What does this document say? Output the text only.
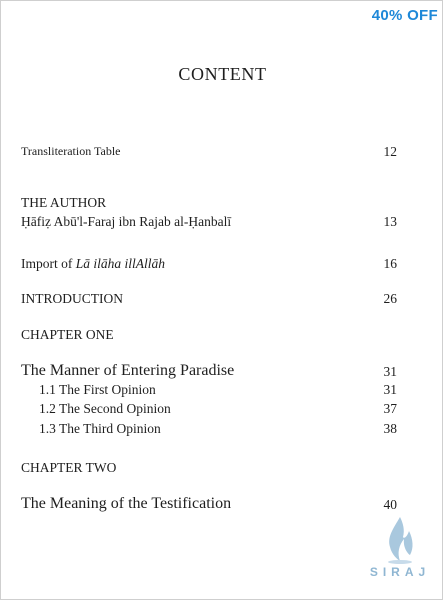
40% OFF
CONTENT
Transliteration Table	12
THE AUTHOR
Ḥāfiẓ Abū'l-Faraj ibn Rajab al-Ḥanbalī	13
Import of Lā ilāha illAllāh	16
INTRODUCTION	26
CHAPTER ONE
The Manner of Entering Paradise	31
1.1 The First Opinion	31
1.2 The Second Opinion	37
1.3 The Third Opinion	38
CHAPTER TWO
The Meaning of the Testification	40
SIRAJ
